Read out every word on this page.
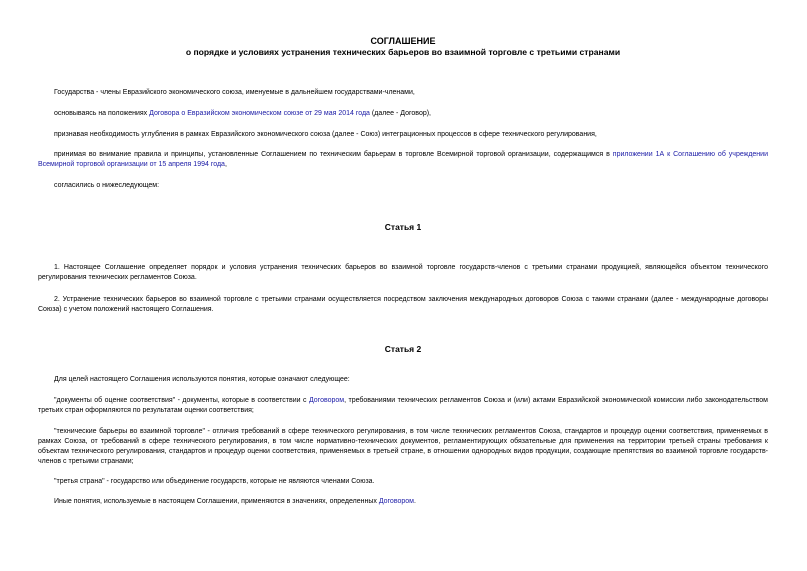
СОГЛАШЕНИЕ
о порядке и условиях устранения технических барьеров во взаимной торговле с третьими странами

Государства - члены Евразийского экономического союза, именуемые в дальнейшем государствами-членами,

основываясь на положениях Договора о Евразийском экономическом союзе от 29 мая 2014 года (далее - Договор),

признавая необходимость углубления в рамках Евразийского экономического союза (далее - Союз) интеграционных процессов в сфере технического регулирования,

принимая во внимание правила и принципы, установленные Соглашением по техническим барьерам в торговле Всемирной торговой организации, содержащимся в приложении 1А к Соглашению об учреждении Всемирной торговой организации от 15 апреля 1994 года,

согласились о нижеследующем:

Статья 1

1. Настоящее Соглашение определяет порядок и условия устранения технических барьеров во взаимной торговле государств-членов с третьими странами продукцией, являющейся объектом технического регулирования технических регламентов Союза.

2. Устранение технических барьеров во взаимной торговле с третьими странами осуществляется посредством заключения международных договоров Союза с такими странами (далее - международные договоры Союза) с учетом положений настоящего Соглашения.

Статья 2

Для целей настоящего Соглашения используются понятия, которые означают следующее:

"документы об оценке соответствия" - документы, которые в соответствии с Договором, требованиями технических регламентов Союза и (или) актами Евразийской экономической комиссии либо законодательством третьих стран оформляются по результатам оценки соответствия;

"технические барьеры во взаимной торговле" - отличия требований в сфере технического регулирования, в том числе технических регламентов Союза, стандартов и процедур оценки соответствия, применяемых в рамках Союза, от требований в сфере технического регулирования, в том числе нормативно-технических документов, регламентирующих обязательные для применения на территории третьей страны требования к объектам технического регулирования, стандартов и процедур оценки соответствия, применяемых в третьей стране, в отношении однородных видов продукции, создающие препятствия во взаимной торговле государств-членов с третьими странами;

"третья страна" - государство или объединение государств, которые не являются членами Союза.

Иные понятия, используемые в настоящем Соглашении, применяются в значениях, определенных Договором.
